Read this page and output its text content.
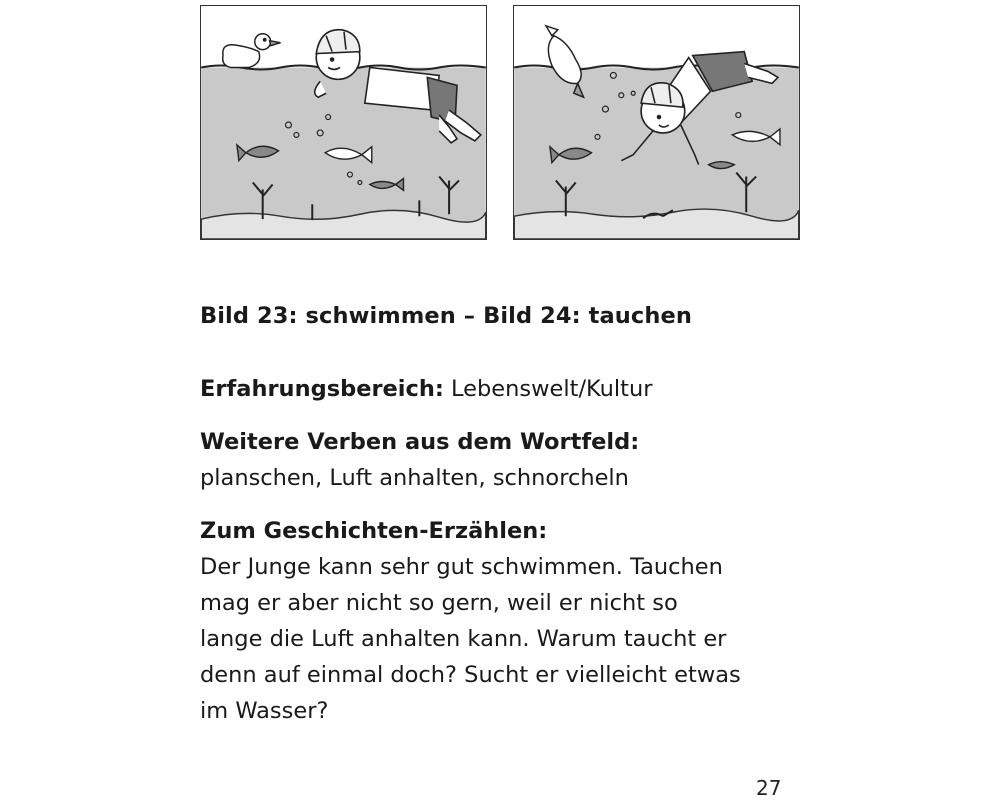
Bild 23: schwimmen – Bild 24: tauchen
Erfahrungsbereich: Lebenswelt/Kultur
Weitere Verben aus dem Wortfeld:
planschen, Luft anhalten, schnorcheln
Zum Geschichten-Erzählen:
Der Junge kann sehr gut schwimmen. Tauchen
mag er aber nicht so gern, weil er nicht so
lange die Luft anhalten kann. Warum taucht er
denn auf einmal doch? Sucht er vielleicht etwas
im Wasser?
27
